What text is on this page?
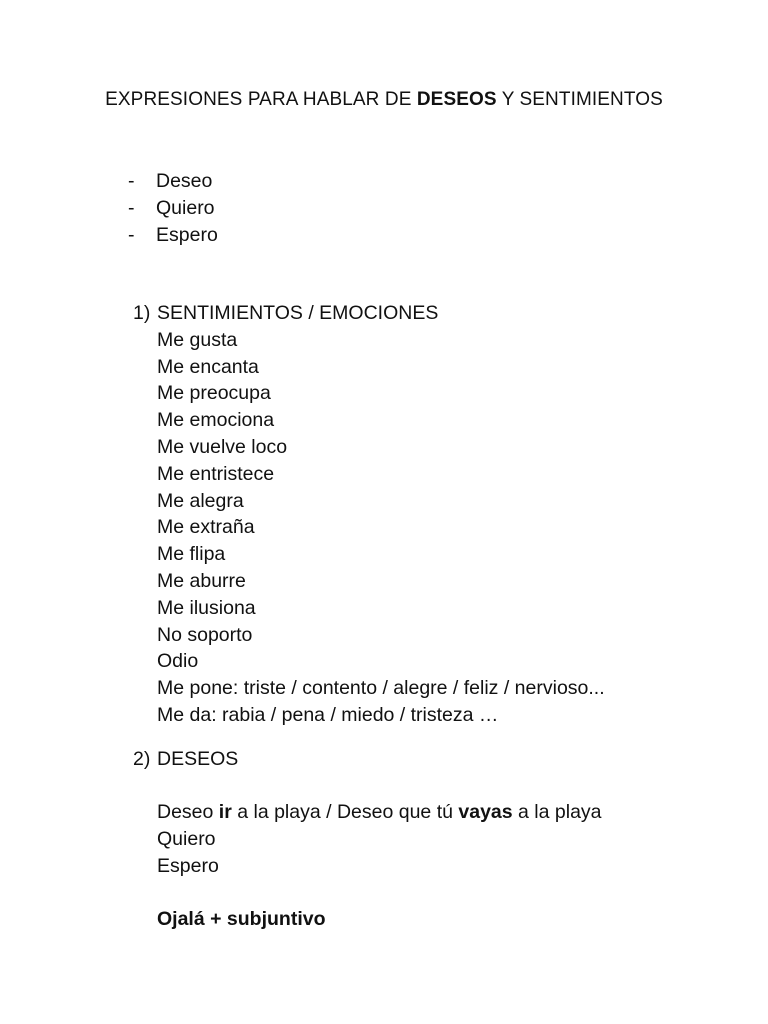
EXPRESIONES PARA HABLAR DE DESEOS Y SENTIMIENTOS
- Deseo
- Quiero
- Espero
1) SENTIMIENTOS / EMOCIONES
Me gusta
Me encanta
Me preocupa
Me emociona
Me vuelve loco
Me entristece
Me alegra
Me extraña
Me flipa
Me aburre
Me ilusiona
No soporto
Odio
Me pone: triste / contento / alegre / feliz / nervioso...
Me da: rabia / pena / miedo / tristeza …
2) DESEOS
Deseo ir a la playa / Deseo que tú vayas a la playa
Quiero
Espero
Ojalá + subjuntivo
